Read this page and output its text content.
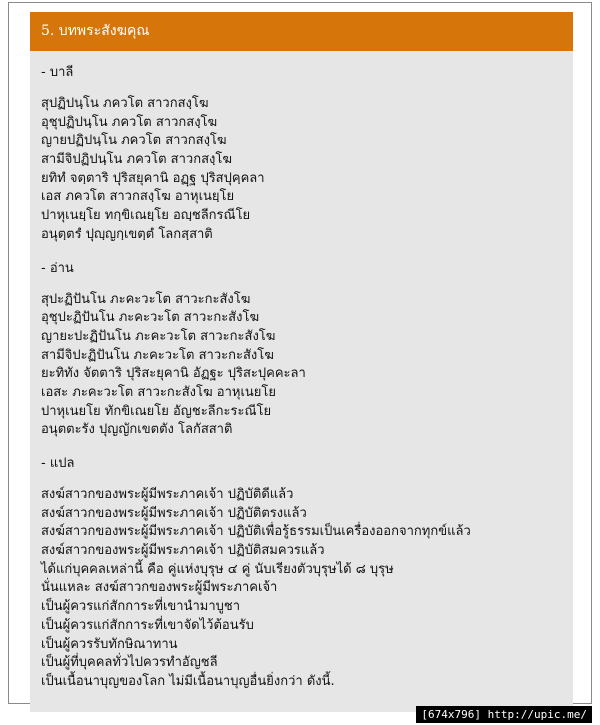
5. บทพระสังฆคุณ

- บาลี

สุปฏิปนฺโน ภควโต สาวกสงฺโฆ
อุชุปฏิปนฺโน ภควโต สาวกสงฺโฆ
ญายปฏิปนฺโน ภควโต สาวกสงฺโฆ
สามีจิปฏิปนฺโน ภควโต สาวกสงฺโฆ
ยทิทํ จตฺตาริ ปุริสยุคานิ อฏฺฐ ปุริสปุคฺคลา
เอส ภควโต สาวกสงฺโฆ อาหุเนยฺโย
ปาหุเนยฺโย ทกฺขิเณยฺโย อญฺชลีกรณีโย
อนุตฺตรํ ปุญฺญกฺเขตฺตํ โลกสฺสาติ

- อ่าน

สุปะฏิปันโน ภะคะวะโต สาวะกะสังโฆ
อุชุปะฏิปันโน ภะคะวะโต สาวะกะสังโฆ
ญายะปะฏิปันโน ภะคะวะโต สาวะกะสังโฆ
สามีจิปะฏิปันโน ภะคะวะโต สาวะกะสังโฆ
ยะทิทัง จัตตาริ ปุริสะยุคานิ อัฏฐะ ปุริสะปุคคะลา
เอสะ ภะคะวะโต สาวะกะสังโฆ อาหุเนยโย
ปาหุเนยโย ทักขิเณยโย อัญชะลีกะระณีโย
อนุตตะรัง ปุญญักเขตตัง โลกัสสาติ

- แปล

สงฆ์สาวกของพระผู้มีพระภาคเจ้า ปฏิบัติดีแล้ว
สงฆ์สาวกของพระผู้มีพระภาคเจ้า ปฏิบัติตรงแล้ว
สงฆ์สาวกของพระผู้มีพระภาคเจ้า ปฏิบัติเพื่อรู้ธรรมเป็นเครื่องออกจากทุกข์แล้ว
สงฆ์สาวกของพระผู้มีพระภาคเจ้า ปฏิบัติสมควรแล้ว
ได้แก่บุคคลเหล่านี้ คือ คู่แห่งบุรุษ ๔ คู่ นับเรียงตัวบุรุษได้ ๘ บุรุษ
นั่นแหละ สงฆ์สาวกของพระผู้มีพระภาคเจ้า
เป็นผู้ควรแก่สักการะที่เขานำมาบูชา
เป็นผู้ควรแก่สักการะที่เขาจัดไว้ต้อนรับ
เป็นผู้ควรรับทักษิณาทาน
เป็นผู้ที่บุคคลทั่วไปควรทำอัญชลี
เป็นเนื้อนาบุญของโลก ไม่มีเนื้อนาบุญอื่นยิ่งกว่า ดังนี้.
[674x796] http://upic.me/
